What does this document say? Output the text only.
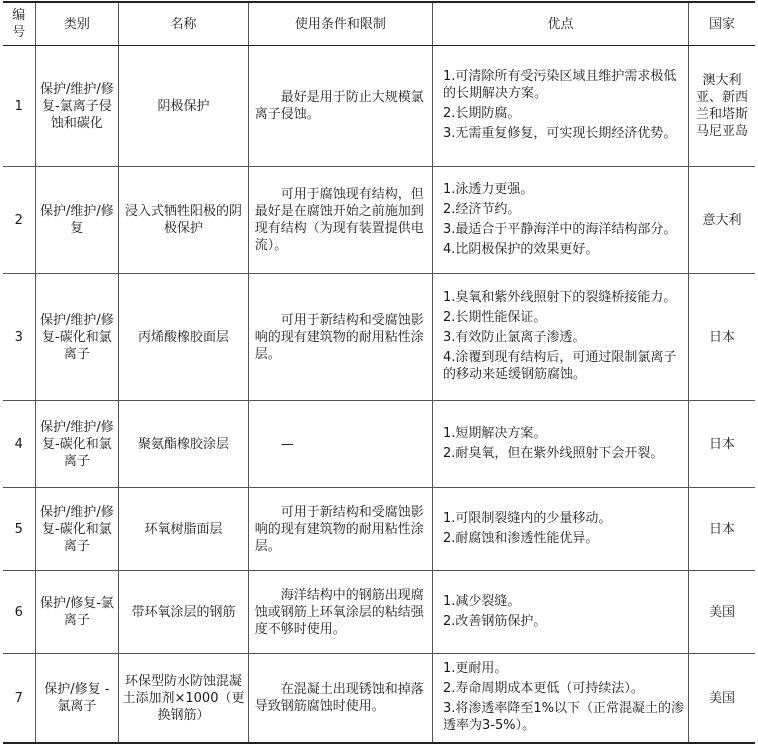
编号	类别	名称	使用条件和限制	优点	国家
1	保护/维护/修复-氯离子侵蚀和碳化	阴极保护	最好是用于防止大规模氯离子侵蚀。	1.可清除所有受污染区域且维护需求极低的长期解决方案。
2.长期防腐。
3.无需重复修复，可实现长期经济优势。	澳大利亚、新西兰和塔斯马尼亚岛
2	保护/维护/修复	浸入式牺牲阳极的阴极保护	可用于腐蚀现有结构，但最好是在腐蚀开始之前施加到现有结构（为现有装置提供电流）。	1.泳透力更强。
2.经济节约。
3.最适合于平静海洋中的海洋结构部分。
4.比阴极保护的效果更好。	意大利
3	保护/维护/修复-碳化和氯离子	丙烯酸橡胶面层	可用于新结构和受腐蚀影响的现有建筑物的耐用粘性涂层。	1.臭氧和紫外线照射下的裂缝桥接能力。
2.长期性能保证。
3.有效防止氯离子渗透。
4.涂覆到现有结构后，可通过限制氯离子的移动来延缓钢筋腐蚀。	日本
4	保护/维护/修复-碳化和氯离子	聚氨酯橡胶涂层	—	1.短期解决方案。
2.耐臭氧，但在紫外线照射下会开裂。	日本
5	保护/维护/修复-碳化和氯离子	环氧树脂面层	可用于新结构和受腐蚀影响的现有建筑物的耐用粘性涂层。	1.可限制裂缝内的少量移动。
2.耐腐蚀和渗透性能优异。	日本
6	保护/修复-氯离子	带环氧涂层的钢筋	海洋结构中的钢筋出现腐蚀或钢筋上环氧涂层的粘结强度不够时使用。	1.减少裂缝。
2.改善钢筋保护。	美国
7	保护/修复 -氯离子	环保型防水防蚀混凝土添加剂×1000（更换钢筋）	在混凝土出现锈蚀和掉落导致钢筋腐蚀时使用。	1.更耐用。
2.寿命周期成本更低（可持续法）。
3.将渗透率降至1%以下（正常混凝土的渗透率为3-5%）。	美国
